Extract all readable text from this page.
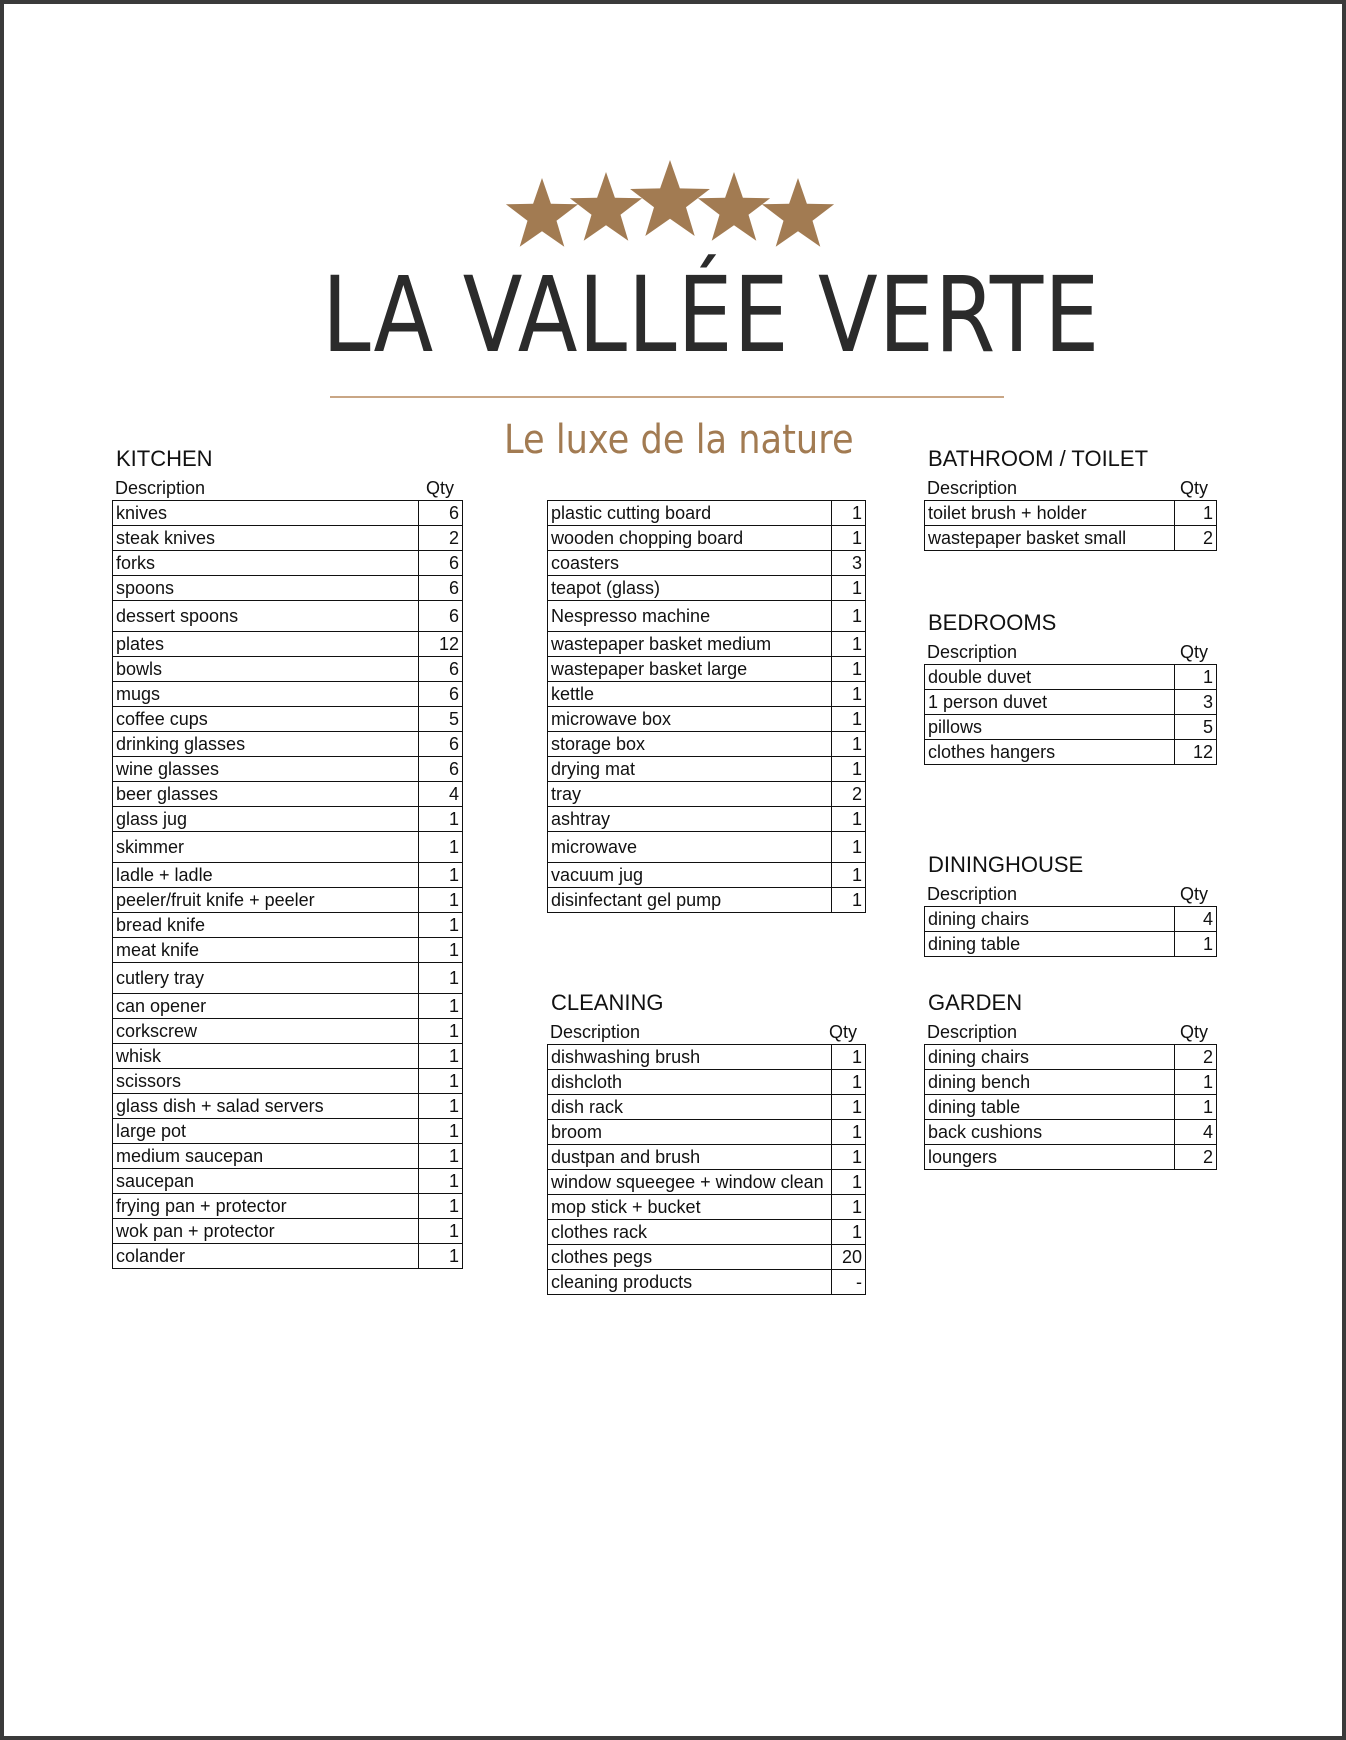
LA VALLÉE VERTE
Le luxe de la nature
KITCHEN
Description	Qty
knives	6
steak knives	2
forks	6
spoons	6
dessert spoons	6
plates	12
bowls	6
mugs	6
coffee cups	5
drinking glasses	6
wine glasses	6
beer glasses	4
glass jug	1
skimmer	1
ladle + ladle	1
peeler/fruit knife + peeler	1
bread knife	1
meat knife	1
cutlery tray	1
can opener	1
corkscrew	1
whisk	1
scissors	1
glass dish + salad servers	1
large pot	1
medium saucepan	1
saucepan	1
frying pan + protector	1
wok pan + protector	1
colander	1
plastic cutting board	1
wooden chopping board	1
coasters	3
teapot (glass)	1
Nespresso machine	1
wastepaper basket medium	1
wastepaper basket large	1
kettle	1
microwave box	1
storage box	1
drying mat	1
tray	2
ashtray	1
microwave	1
vacuum jug	1
disinfectant gel pump	1
CLEANING
Description	Qty
dishwashing brush	1
dishcloth	1
dish rack	1
broom	1
dustpan and brush	1
window squeegee + window clean	1
mop stick + bucket	1
clothes rack	1
clothes pegs	20
cleaning products	-
BATHROOM / TOILET
Description	Qty
toilet brush + holder	1
wastepaper basket small	2
BEDROOMS
Description	Qty
double duvet	1
1 person duvet	3
pillows	5
clothes hangers	12
DININGHOUSE
Description	Qty
dining chairs	4
dining table	1
GARDEN
Description	Qty
dining chairs	2
dining bench	1
dining table	1
back cushions	4
loungers	2
